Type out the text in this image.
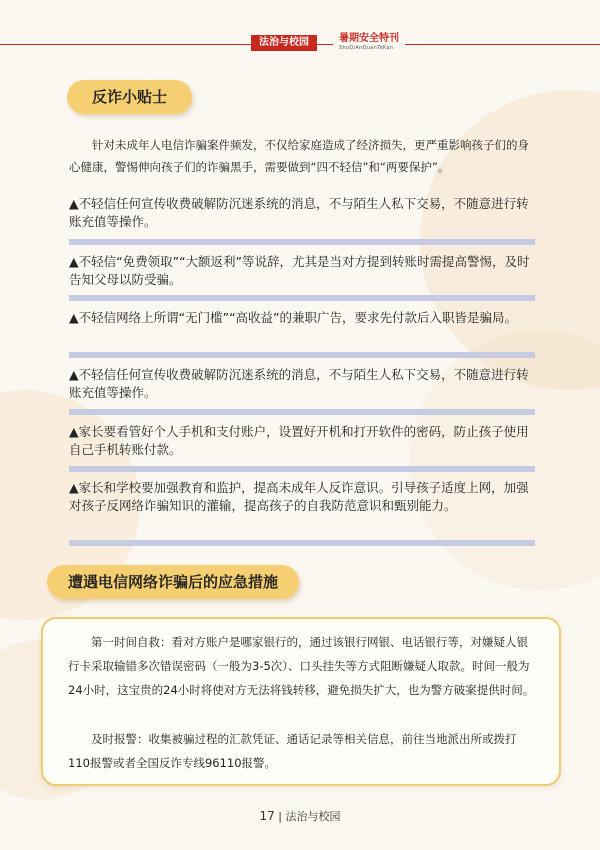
法治与校园	暑期安全特刊
ShuQiAnQuanTeKan
反诈小贴士

针对未成年人电信诈骗案件频发，不仅给家庭造成了经济损失，更严重影响孩子们的身心健康，警惕伸向孩子们的诈骗黑手，需要做到“四不轻信”和“两要保护”。

▲不轻信任何宣传收费破解防沉迷系统的消息，不与陌生人私下交易，不随意进行转账充值等操作。

▲不轻信“免费领取”“大额返利”等说辞，尤其是当对方提到转账时需提高警惕，及时告知父母以防受骗。

▲不轻信网络上所谓“无门槛”“高收益”的兼职广告，要求先付款后入职皆是骗局。

▲不轻信任何宣传收费破解防沉迷系统的消息，不与陌生人私下交易，不随意进行转账充值等操作。

▲家长要看管好个人手机和支付账户，设置好开机和打开软件的密码，防止孩子使用自己手机转账付款。

▲家长和学校要加强教育和监护，提高未成年人反诈意识。引导孩子适度上网，加强对孩子反网络诈骗知识的灌输，提高孩子的自我防范意识和甄别能力。

遭遇电信网络诈骗后的应急措施

第一时间自救：看对方账户是哪家银行的，通过该银行网银、电话银行等，对嫌疑人银行卡采取输错多次错误密码（一般为3-5次）、口头挂失等方式阻断嫌疑人取款。时间一般为24小时，这宝贵的24小时将使对方无法将钱转移，避免损失扩大，也为警方破案提供时间。

及时报警：收集被骗过程的汇款凭证、通话记录等相关信息，前往当地派出所或拨打110报警或者全国反诈专线96110报警。

17 | 法治与校园
